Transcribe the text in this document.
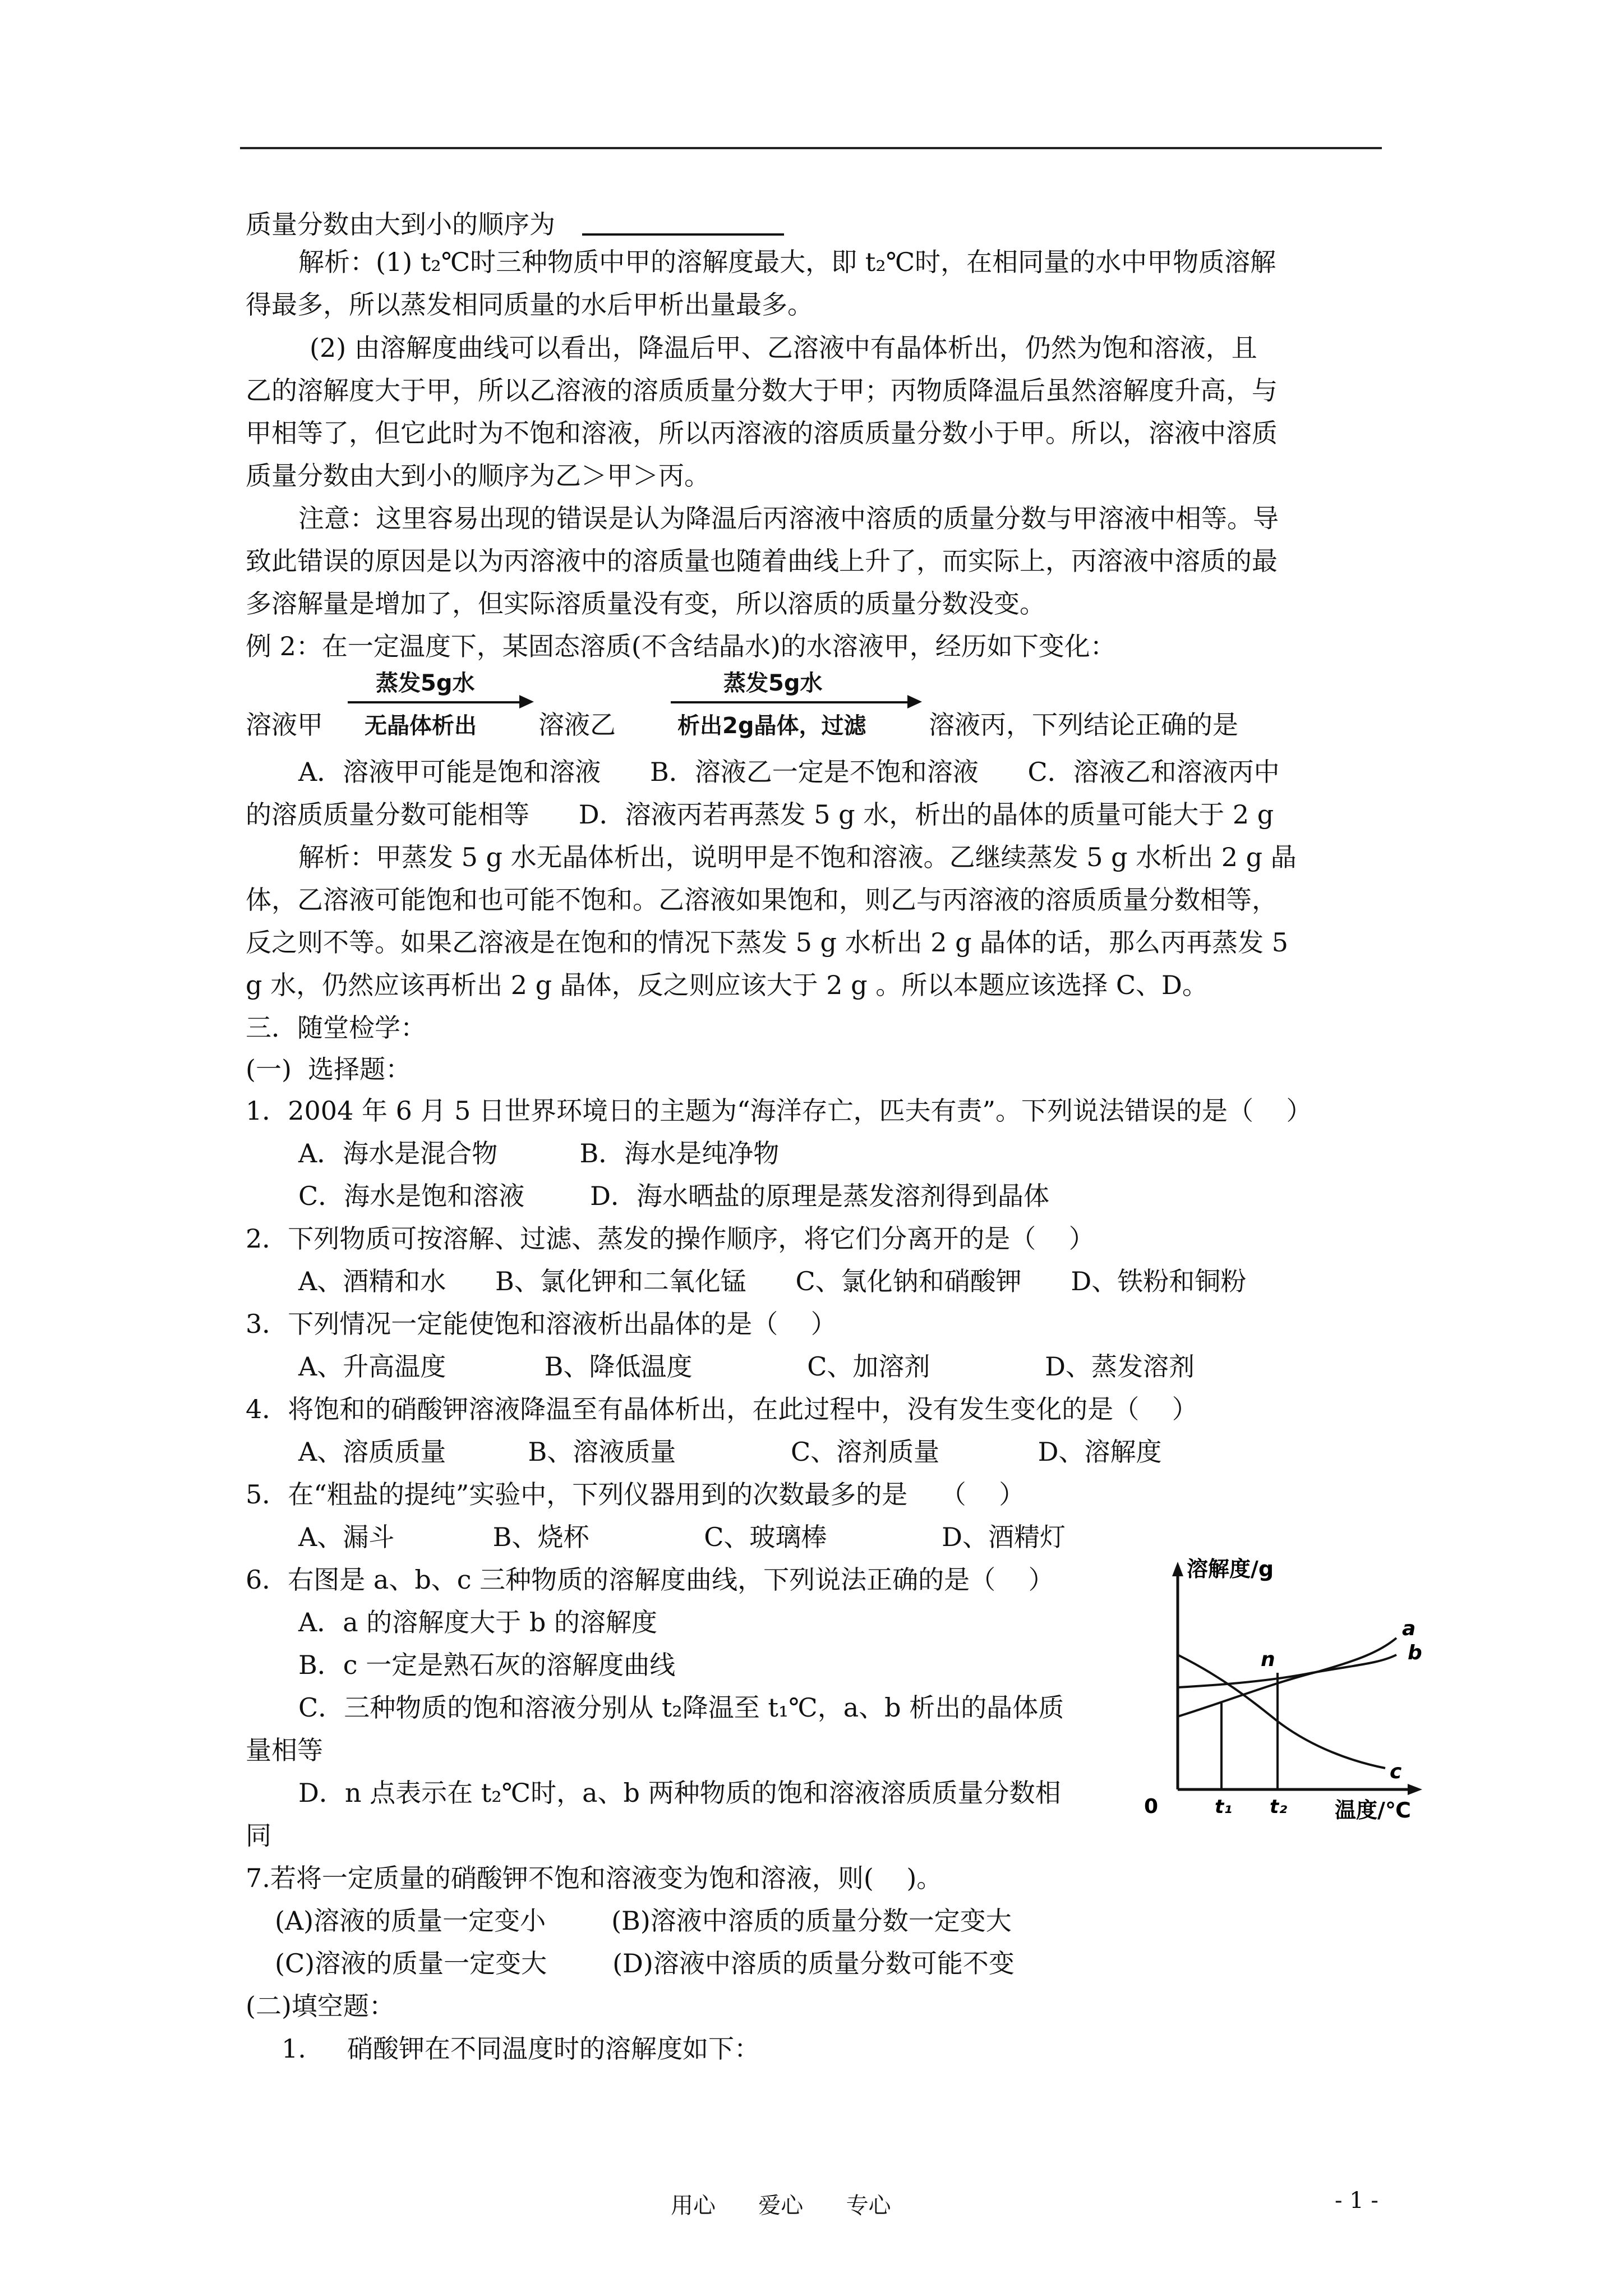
质量分数由大到小的顺序为
解析：(1) t₂℃时三种物质中甲的溶解度最大，即 t₂℃时，在相同量的水中甲物质溶解
得最多，所以蒸发相同质量的水后甲析出量最多。
(2) 由溶解度曲线可以看出，降温后甲、乙溶液中有晶体析出，仍然为饱和溶液，且
乙的溶解度大于甲，所以乙溶液的溶质质量分数大于甲；丙物质降温后虽然溶解度升高，与
甲相等了，但它此时为不饱和溶液，所以丙溶液的溶质质量分数小于甲。所以，溶液中溶质
质量分数由大到小的顺序为乙＞甲＞丙。
注意：这里容易出现的错误是认为降温后丙溶液中溶质的质量分数与甲溶液中相等。导
致此错误的原因是以为丙溶液中的溶质量也随着曲线上升了，而实际上，丙溶液中溶质的最
多溶解量是增加了，但实际溶质量没有变，所以溶质的质量分数没变。
例 2：在一定温度下，某固态溶质(不含结晶水)的水溶液甲，经历如下变化：
A．溶液甲可能是饱和溶液      B．溶液乙一定是不饱和溶液      C．溶液乙和溶液丙中
的溶质质量分数可能相等      D．溶液丙若再蒸发 5 g 水，析出的晶体的质量可能大于 2 g
解析：甲蒸发 5 g 水无晶体析出，说明甲是不饱和溶液。乙继续蒸发 5 g 水析出 2 g 晶
体，乙溶液可能饱和也可能不饱和。乙溶液如果饱和，则乙与丙溶液的溶质质量分数相等，
反之则不等。如果乙溶液是在饱和的情况下蒸发 5 g 水析出 2 g 晶体的话，那么丙再蒸发 5
g 水，仍然应该再析出 2 g 晶体，反之则应该大于 2 g 。所以本题应该选择 C、D。
三．随堂检学：
(一)  选择题：
1．2004 年 6 月 5 日世界环境日的主题为“海洋存亡，匹夫有责”。下列说法错误的是（    ）
A．海水是混合物          B．海水是纯净物
C．海水是饱和溶液        D．海水晒盐的原理是蒸发溶剂得到晶体
2．下列物质可按溶解、过滤、蒸发的操作顺序，将它们分离开的是（    ）
A、酒精和水      B、氯化钾和二氧化锰      C、氯化钠和硝酸钾      D、铁粉和铜粉
3．下列情况一定能使饱和溶液析出晶体的是（    ）
A、升高温度            B、降低温度              C、加溶剂              D、蒸发溶剂
4．将饱和的硝酸钾溶液降温至有晶体析出，在此过程中，没有发生变化的是（    ）
A、溶质质量          B、溶液质量              C、溶剂质量            D、溶解度
5．在“粗盐的提纯”实验中，下列仪器用到的次数最多的是    （    ）
A、漏斗            B、烧杯              C、玻璃棒              D、酒精灯
6．右图是 a、b、c 三种物质的溶解度曲线，下列说法正确的是（    ）
A．a 的溶解度大于 b 的溶解度
B．c 一定是熟石灰的溶解度曲线
C．三种物质的饱和溶液分别从 t₂降温至 t₁℃，a、b 析出的晶体质
量相等
D．n 点表示在 t₂℃时，a、b 两种物质的饱和溶液溶质质量分数相
同
7.若将一定质量的硝酸钾不饱和溶液变为饱和溶液，则(    )。
(A)溶液的质量一定变小        (B)溶液中溶质的质量分数一定变大
(C)溶液的质量一定变大        (D)溶液中溶质的质量分数可能不变
(二)填空题：
1.     硝酸钾在不同温度时的溶解度如下：
溶液甲
蒸发5g水
无晶体析出 溶液乙
蒸发5g水
析出2g晶体，过滤 溶液丙，下列结论正确的是
溶解度/g
温度/℃
0
a
b
c
n
t₁ t₂
用心      爱心      专心	- 1 -
